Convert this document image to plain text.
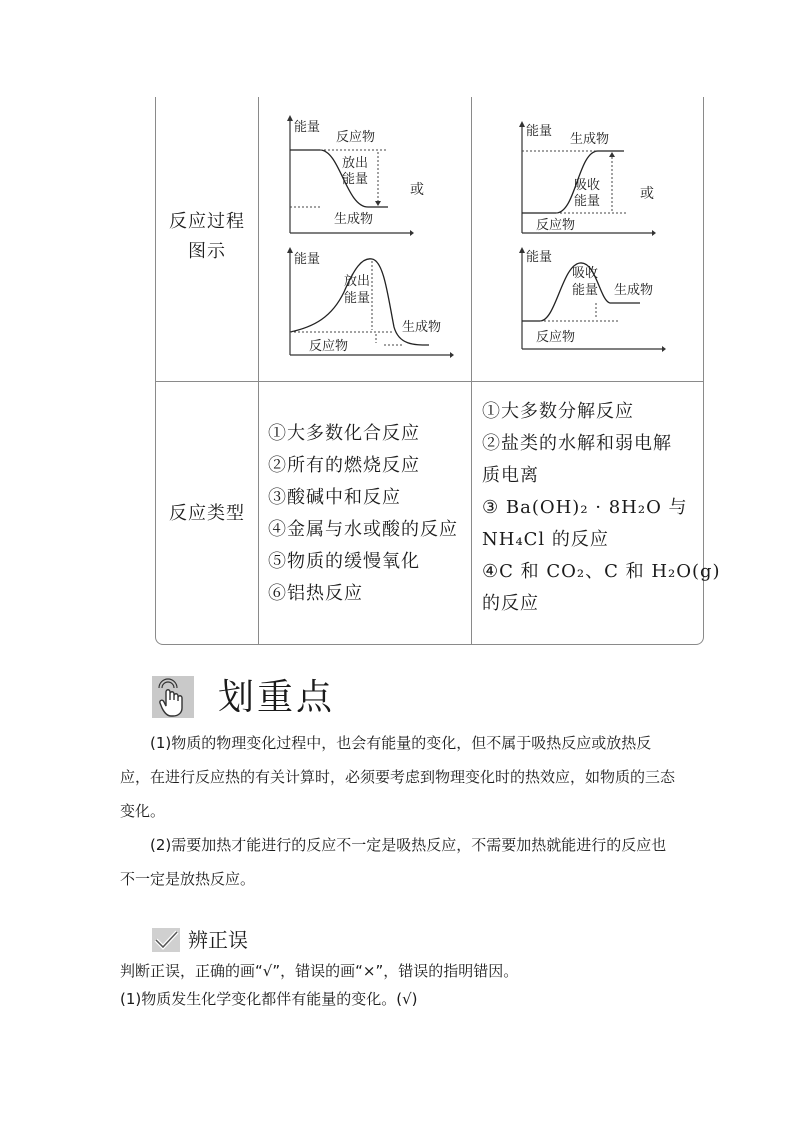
反应过程
图示
反应类型
能量
反应物
放出
能量
生成物
或
能量
放出
能量
生成物
反应物
能量
生成物
吸收
能量
反应物
或
能量
吸收
能量 生成物
反应物
①大多数化合反应
②所有的燃烧反应
③酸碱中和反应
④金属与水或酸的反应
⑤物质的缓慢氧化
⑥铝热反应
①大多数分解反应
②盐类的水解和弱电解
质电离
③ Ba(OH)₂ · 8H₂O 与
NH₄Cl 的反应
④C 和 CO₂、C 和 H₂O(g)
的反应
划重点
(1)物质的物理变化过程中，也会有能量的变化，但不属于吸热反应或放热反应，在进行反应热的有关计算时，必须要考虑到物理变化时的热效应，如物质的三态变化。
(2)需要加热才能进行的反应不一定是吸热反应，不需要加热就能进行的反应也不一定是放热反应。
辨正误
判断正误，正确的画“√”，错误的画“×”，错误的指明错因。
(1)物质发生化学变化都伴有能量的变化。(√)
